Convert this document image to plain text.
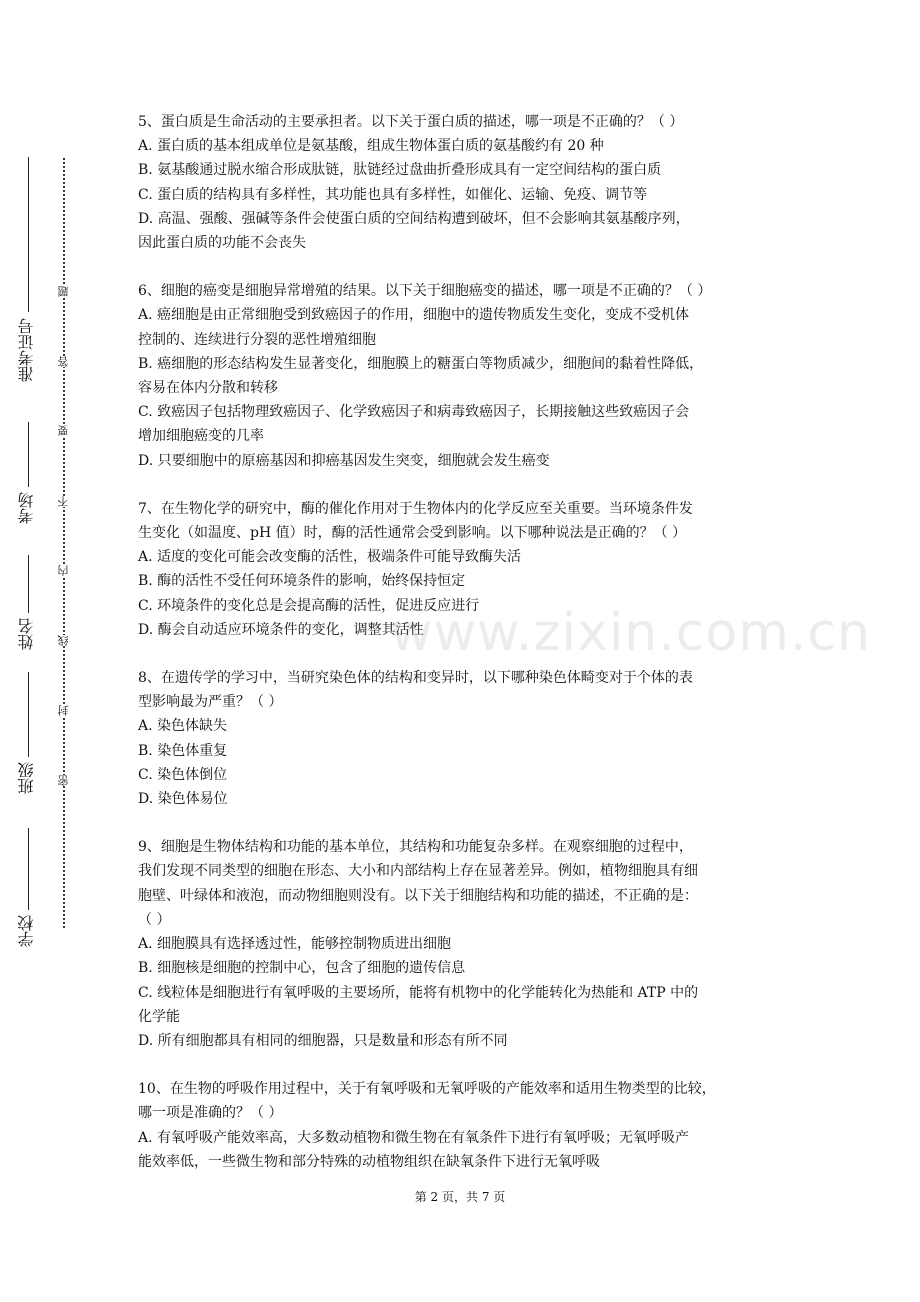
准考证号
考场
姓名
班级
学校
题
答
要
不
内
线
封
密

5、蛋白质是生命活动的主要承担者。以下关于蛋白质的描述，哪一项是不正确的？（ ）

A. 蛋白质的基本组成单位是氨基酸，组成生物体蛋白质的氨基酸约有 20 种

B. 氨基酸通过脱水缩合形成肽链，肽链经过盘曲折叠形成具有一定空间结构的蛋白质

C. 蛋白质的结构具有多样性，其功能也具有多样性，如催化、运输、免疫、调节等

D. 高温、强酸、强碱等条件会使蛋白质的空间结构遭到破坏，但不会影响其氨基酸序列，

因此蛋白质的功能不会丧失

6、细胞的癌变是细胞异常增殖的结果。以下关于细胞癌变的描述，哪一项是不正确的？（ ）

A. 癌细胞是由正常细胞受到致癌因子的作用，细胞中的遗传物质发生变化，变成不受机体

控制的、连续进行分裂的恶性增殖细胞

B. 癌细胞的形态结构发生显著变化，细胞膜上的糖蛋白等物质减少，细胞间的黏着性降低，

容易在体内分散和转移

C. 致癌因子包括物理致癌因子、化学致癌因子和病毒致癌因子，长期接触这些致癌因子会

增加细胞癌变的几率

D. 只要细胞中的原癌基因和抑癌基因发生突变，细胞就会发生癌变

7、在生物化学的研究中，酶的催化作用对于生物体内的化学反应至关重要。当环境条件发

生变化（如温度、pH 值）时，酶的活性通常会受到影响。以下哪种说法是正确的？（ ）

A. 适度的变化可能会改变酶的活性，极端条件可能导致酶失活

B. 酶的活性不受任何环境条件的影响，始终保持恒定

C. 环境条件的变化总是会提高酶的活性，促进反应进行

D. 酶会自动适应环境条件的变化，调整其活性

8、在遗传学的学习中，当研究染色体的结构和变异时，以下哪种染色体畸变对于个体的表

型影响最为严重？（ ）

A. 染色体缺失

B. 染色体重复

C. 染色体倒位

D. 染色体易位

9、细胞是生物体结构和功能的基本单位，其结构和功能复杂多样。在观察细胞的过程中，

我们发现不同类型的细胞在形态、大小和内部结构上存在显著差异。例如，植物细胞具有细

胞壁、叶绿体和液泡，而动物细胞则没有。以下关于细胞结构和功能的描述，不正确的是：

（ ）

A. 细胞膜具有选择透过性，能够控制物质进出细胞

B. 细胞核是细胞的控制中心，包含了细胞的遗传信息

C. 线粒体是细胞进行有氧呼吸的主要场所，能将有机物中的化学能转化为热能和 ATP 中的

化学能

D. 所有细胞都具有相同的细胞器，只是数量和形态有所不同

10、在生物的呼吸作用过程中，关于有氧呼吸和无氧呼吸的产能效率和适用生物类型的比较，

哪一项是准确的？（ ）

A. 有氧呼吸产能效率高，大多数动植物和微生物在有氧条件下进行有氧呼吸；无氧呼吸产

能效率低，一些微生物和部分特殊的动植物组织在缺氧条件下进行无氧呼吸

www.zixin.com.cn
第 2 页，共 7 页
